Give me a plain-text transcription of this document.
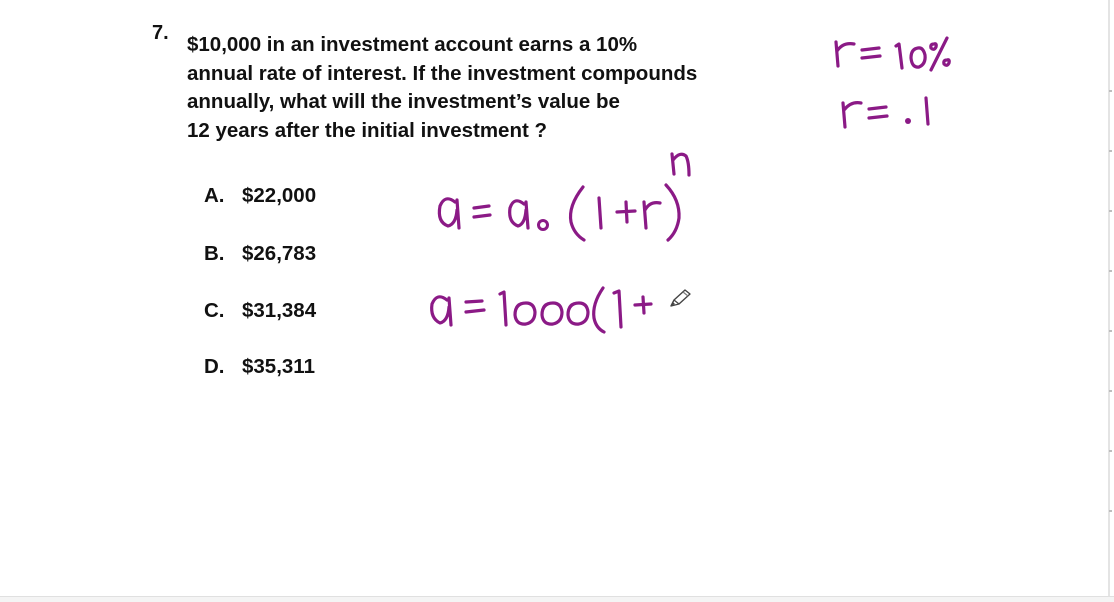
7. $10,000 in an investment account earns a 10%
annual rate of interest. If the investment compounds
annually, what will the investment’s value be
12 years after the initial investment ?
A. $22,000
B. $26,783
C. $31,384
D. $35,311
